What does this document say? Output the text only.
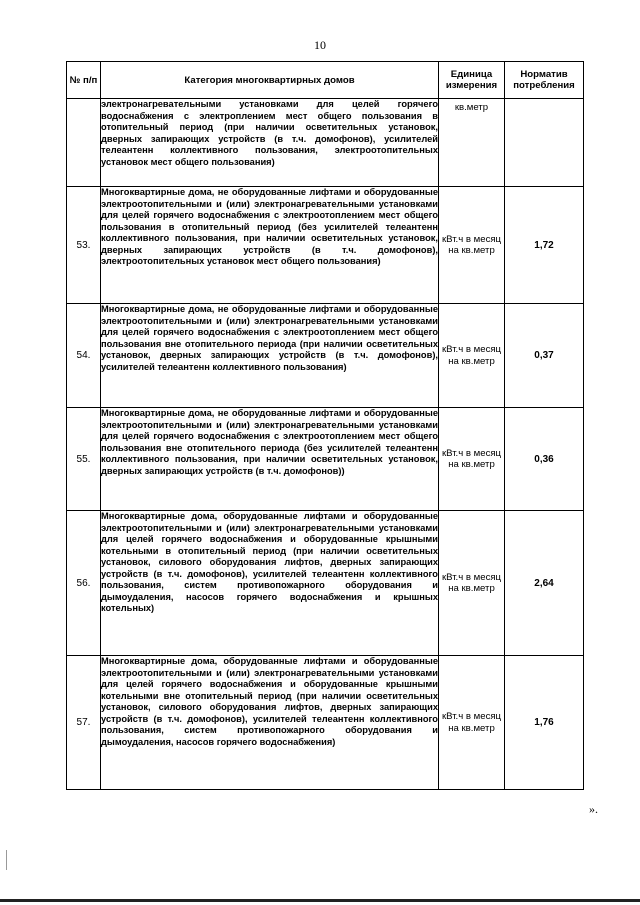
10
№ п/п	Категория многоквартирных домов	Единица измерения	Норматив потребления
	электронагревательными установками для целей горячего водоснабжения с электроплением мест общего пользования в отопительный период (при наличии осветительных установок, дверных запирающих устройств (в т.ч. домофонов), усилителей телеантенн коллективного пользования, электроотопительных установок мест общего пользования)	кв.метр	
53.	Многоквартирные дома, не оборудованные лифтами и оборудованные электроотопительными и (или) электронагревательными установками для целей горячего водоснабжения с электроотоплением мест общего пользования в отопительный период (без усилителей телеантенн коллективного пользования, при наличии осветительных установок, дверных запирающих устройств (в т.ч. домофонов), электроотопительных установок мест общего пользования)	кВт.ч в месяц на кв.метр	1,72
54.	Многоквартирные дома, не оборудованные лифтами и оборудованные электроотопительными и (или) электронагревательными установками для целей горячего водоснабжения с электроотоплением мест общего пользования вне отопительного периода (при наличии осветительных установок, дверных запирающих устройств (в т.ч. домофонов), усилителей телеантенн коллективного пользования)	кВт.ч в месяц на кв.метр	0,37
55.	Многоквартирные дома, не оборудованные лифтами и оборудованные электроотопительными и (или) электронагревательными установками для целей горячего водоснабжения с электроотоплением мест общего пользования вне отопительного периода (без усилителей телеантенн коллективного пользования, при наличии осветительных установок, дверных запирающих устройств (в т.ч. домофонов))	кВт.ч в месяц на кв.метр	0,36
56.	Многоквартирные дома, оборудованные лифтами и оборудованные электроотопительными и (или) электронагревательными установками для целей горячего водоснабжения и оборудованные крышными котельными в отопительный период (при наличии осветительных установок, силового оборудования лифтов, дверных запирающих устройств (в т.ч. домофонов), усилителей телеантенн коллективного пользования, систем противопожарного оборудования и дымоудаления, насосов горячего водоснабжения и крышных котельных)	кВт.ч в месяц на кв.метр	2,64
57.	Многоквартирные дома, оборудованные лифтами и оборудованные электроотопительными и (или) электронагревательными установками для целей горячего водоснабжения и оборудованные крышными котельными вне отопительный период (при наличии осветительных установок, силового оборудования лифтов, дверных запирающих устройств (в т.ч. домофонов), усилителей телеантенн коллективного пользования, систем противопожарного оборудования и дымоудаления, насосов горячего водоснабжения)	кВт.ч в месяц на кв.метр	1,76
».
